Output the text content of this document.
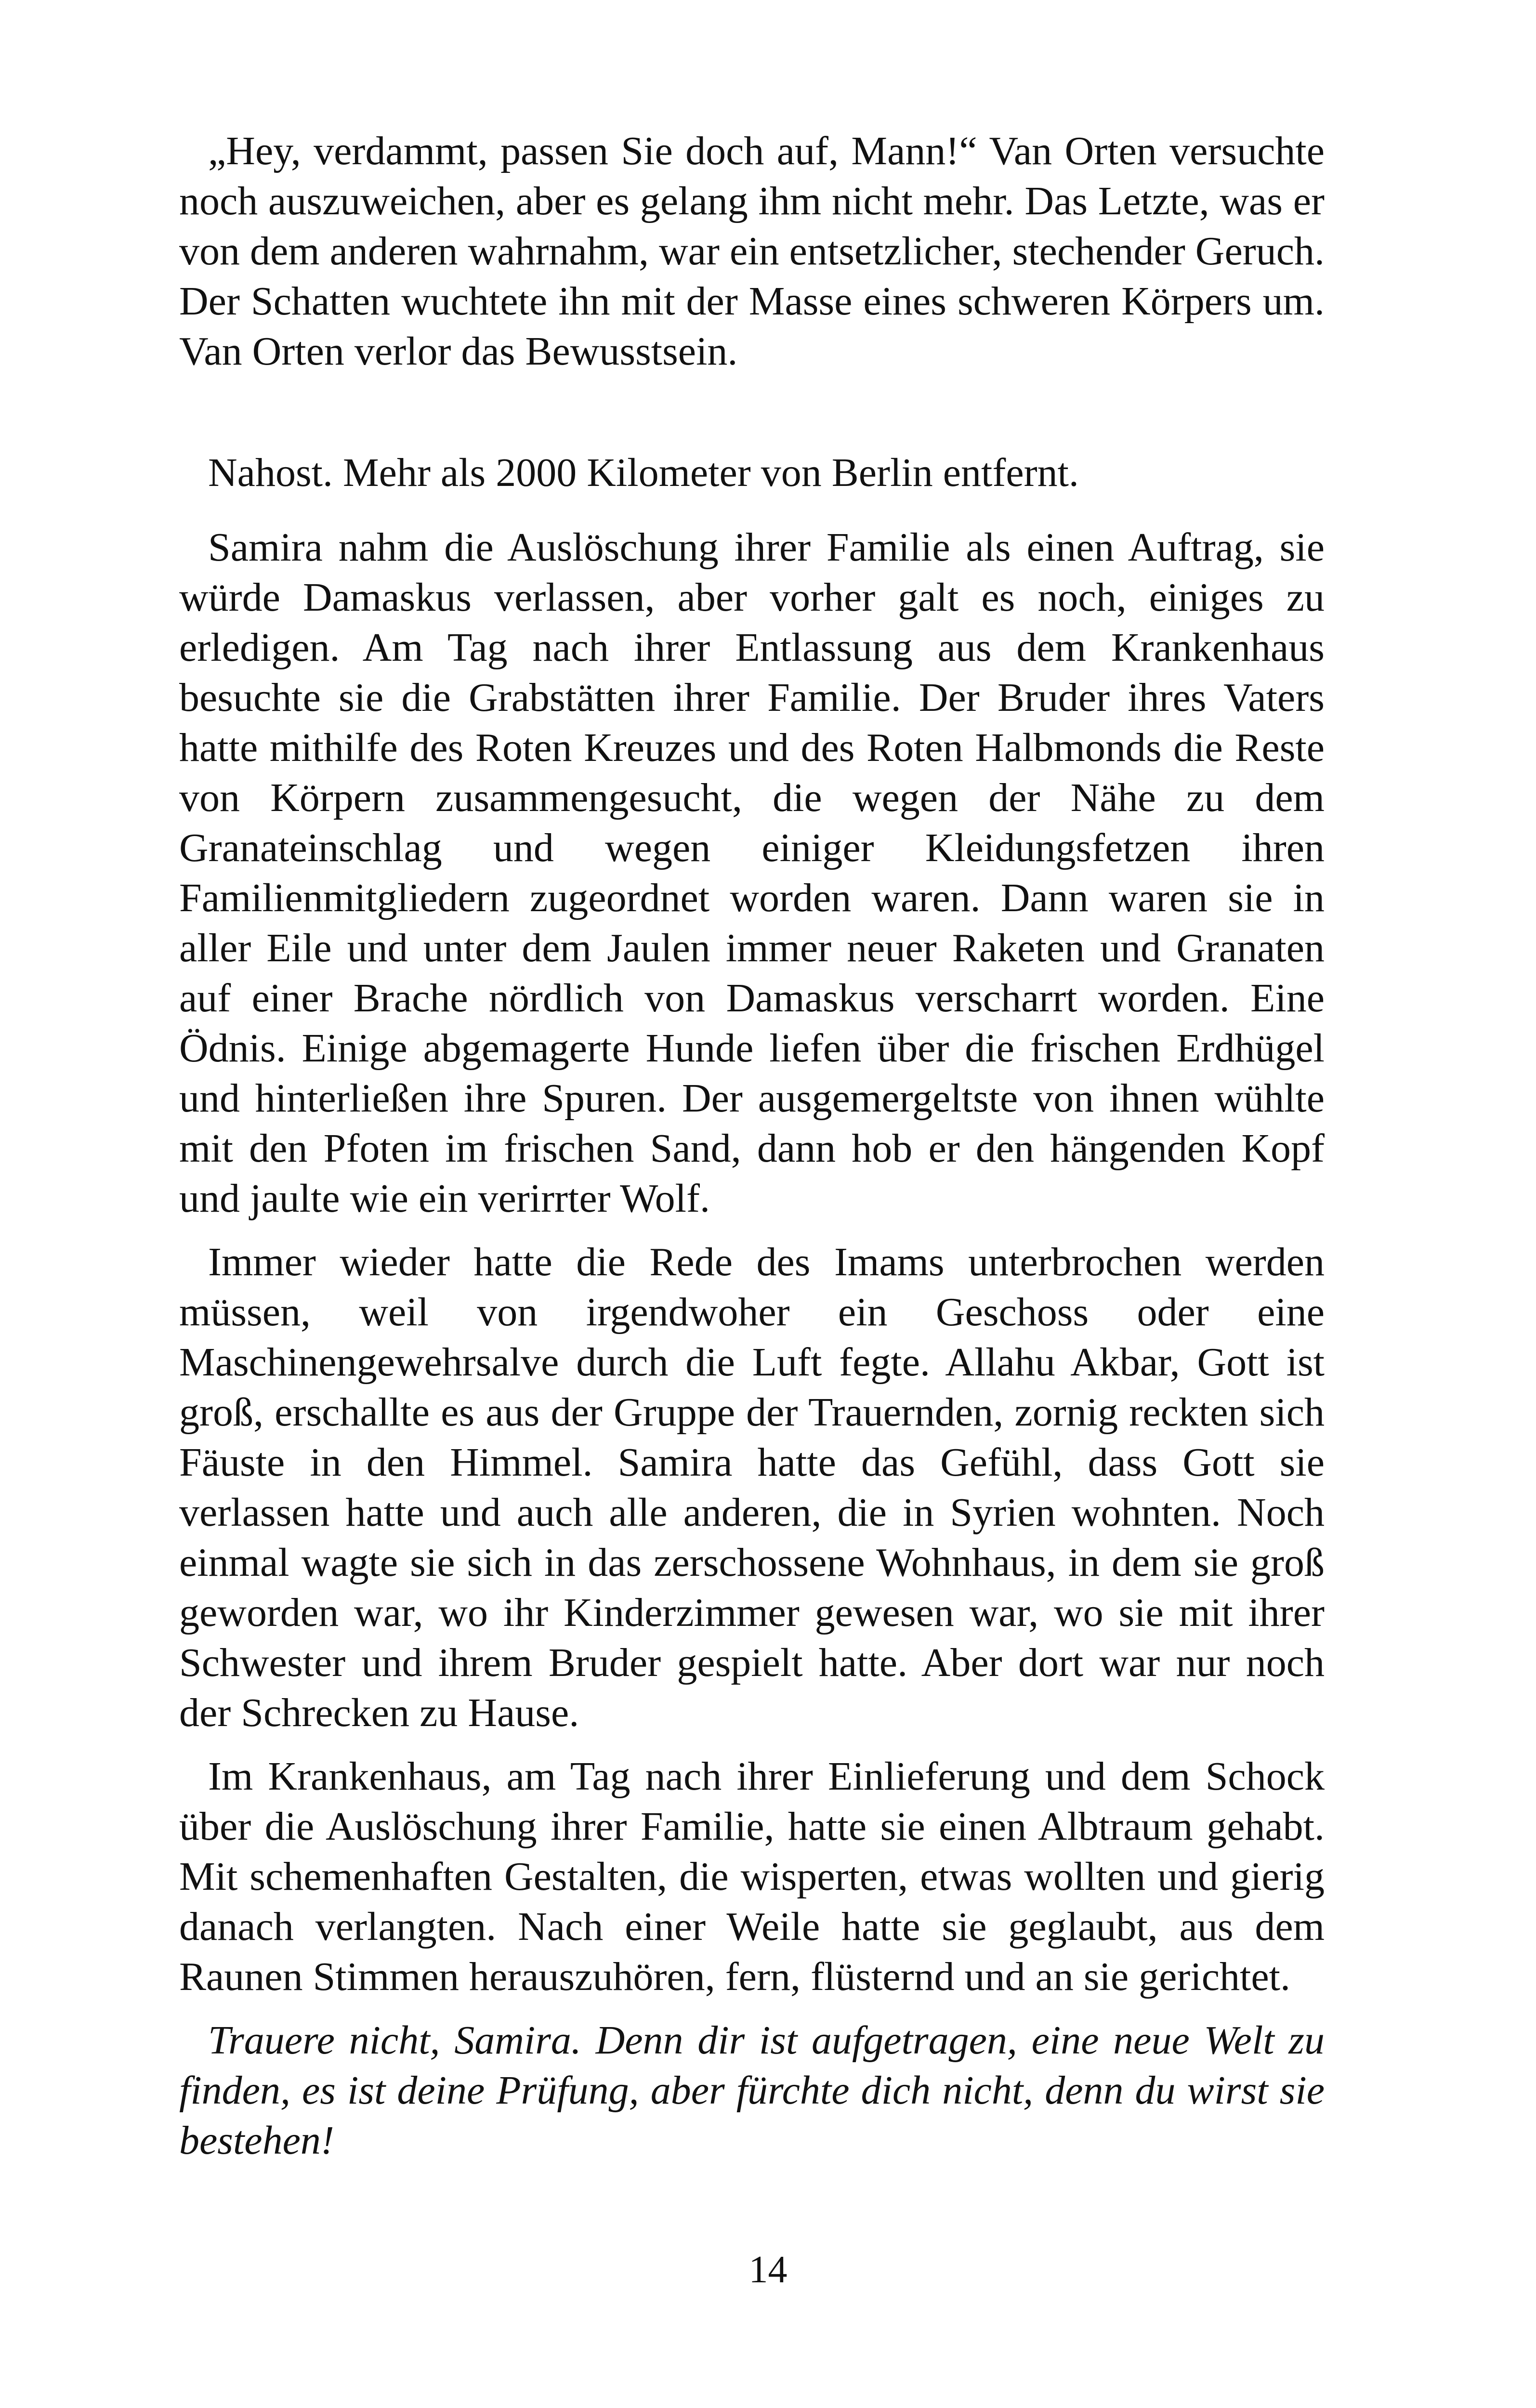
„Hey, verdammt, passen Sie doch auf, Mann!“ Van Orten versuchte noch auszuweichen, aber es gelang ihm nicht mehr. Das Letzte, was er von dem anderen wahrnahm, war ein entsetzlicher, stechender Geruch. Der Schatten wuchtete ihn mit der Masse eines schweren Körpers um. Van Orten verlor das Bewusstsein.

Nahost. Mehr als 2000 Kilometer von Berlin entfernt.

Samira nahm die Auslöschung ihrer Familie als einen Auftrag, sie würde Damaskus verlassen, aber vorher galt es noch, einiges zu erledigen. Am Tag nach ihrer Entlassung aus dem Krankenhaus besuchte sie die Grabstätten ihrer Familie. Der Bruder ihres Vaters hatte mithilfe des Roten Kreuzes und des Roten Halbmonds die Reste von Körpern zusammengesucht, die wegen der Nähe zu dem Granateinschlag und wegen einiger Kleidungsfetzen ihren Familienmitgliedern zugeordnet worden waren. Dann waren sie in aller Eile und unter dem Jaulen immer neuer Raketen und Granaten auf einer Brache nördlich von Damaskus verscharrt worden. Eine Ödnis. Einige abgemagerte Hunde liefen über die frischen Erdhügel und hinterließen ihre Spuren. Der ausgemergeltste von ihnen wühlte mit den Pfoten im frischen Sand, dann hob er den hängenden Kopf und jaulte wie ein verirrter Wolf.

Immer wieder hatte die Rede des Imams unterbrochen werden müssen, weil von irgendwoher ein Geschoss oder eine Maschinengewehrsalve durch die Luft fegte. Allahu Akbar, Gott ist groß, erschallte es aus der Gruppe der Trauernden, zornig reckten sich Fäuste in den Himmel. Samira hatte das Gefühl, dass Gott sie verlassen hatte und auch alle anderen, die in Syrien wohnten. Noch einmal wagte sie sich in das zerschossene Wohnhaus, in dem sie groß geworden war, wo ihr Kinderzimmer gewesen war, wo sie mit ihrer Schwester und ihrem Bruder gespielt hatte. Aber dort war nur noch der Schrecken zu Hause.

Im Krankenhaus, am Tag nach ihrer Einlieferung und dem Schock über die Auslöschung ihrer Familie, hatte sie einen Albtraum gehabt. Mit schemenhaften Gestalten, die wisperten, etwas wollten und gierig danach verlangten. Nach einer Weile hatte sie geglaubt, aus dem Raunen Stimmen herauszuhören, fern, flüsternd und an sie gerichtet.

Trauere nicht, Samira. Denn dir ist aufgetragen, eine neue Welt zu finden, es ist deine Prüfung, aber fürchte dich nicht, denn du wirst sie bestehen!

14
